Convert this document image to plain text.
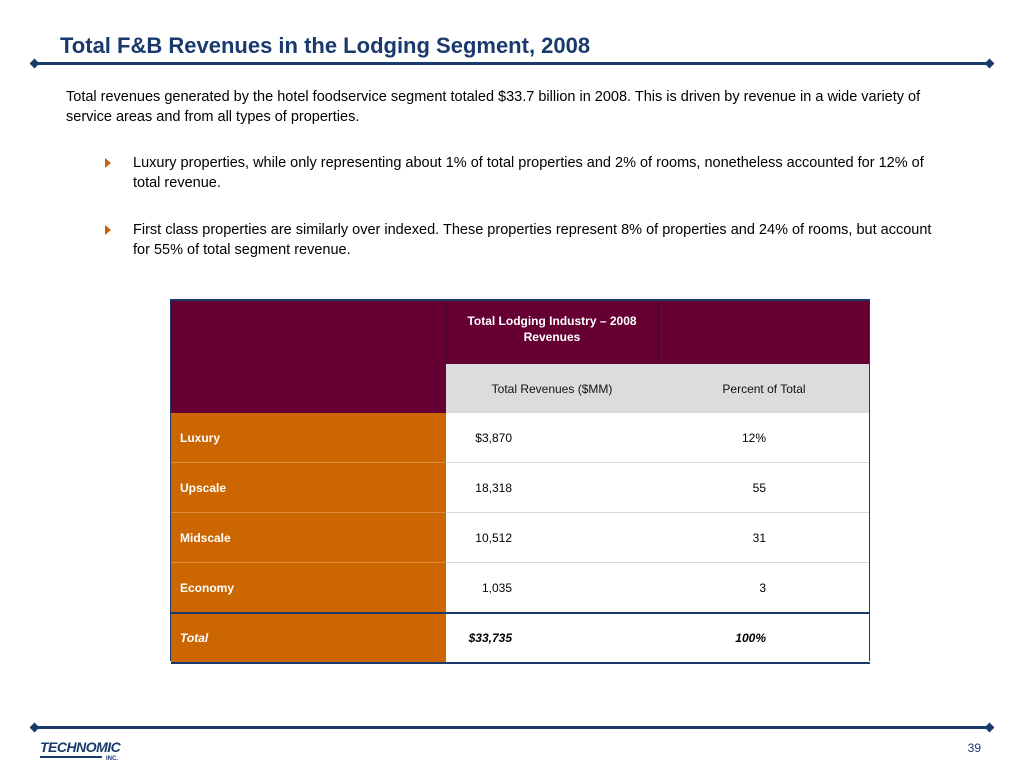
Total F&B Revenues in the Lodging Segment, 2008

Total revenues generated by the hotel foodservice segment totaled $33.7 billion in 2008. This is driven by revenue in a wide variety of service areas and from all types of properties.

Luxury properties, while only representing about 1% of total properties and 2% of rooms, nonetheless accounted for 12% of total revenue.
First class properties are similarly over indexed. These properties represent 8% of properties and 24% of rooms, but account for 55% of total segment revenue.

	Total Lodging Industry – 2008 Revenues	

	Total Revenues ($MM)	Percent of Total
Luxury	$3,870	12%
Upscale	18,318	55
Midscale	10,512	31
Economy	1,035	3
Total	$33,735	100%
TECHNOMIC
INC.
39
